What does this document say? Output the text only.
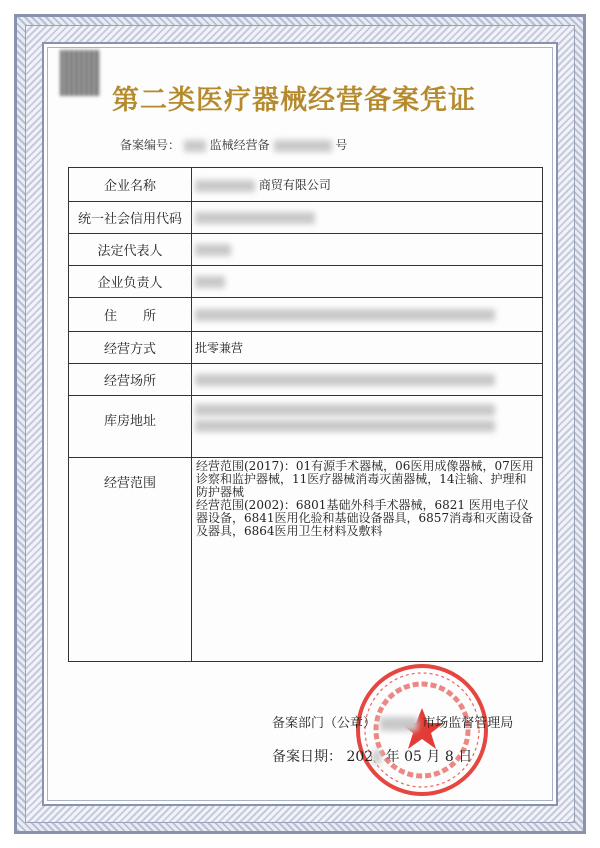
第二类医疗器械经营备案凭证
备案编号： 监械经营备	号
企业名称	商贸有限公司
统一社会信用代码	
法定代表人	
企业负责人	
住　　所	
经营方式	批零兼营
经营场所	
库房地址	

经营范围	经营范围(2017)：01有源手术器械，06医用成像器械，07医用诊察和监护器械，11医疗器械消毒灭菌器械，14注输、护理和防护器械
经营范围(2002)：6801基础外科手术器械，6821 医用电子仪器设备，6841医用化验和基础设备器具，6857消毒和灭菌设备及器具，6864医用卫生材料及敷料
备案部门（公章）	市场监督管理局
备案日期： 202 年 05 月 8 日
